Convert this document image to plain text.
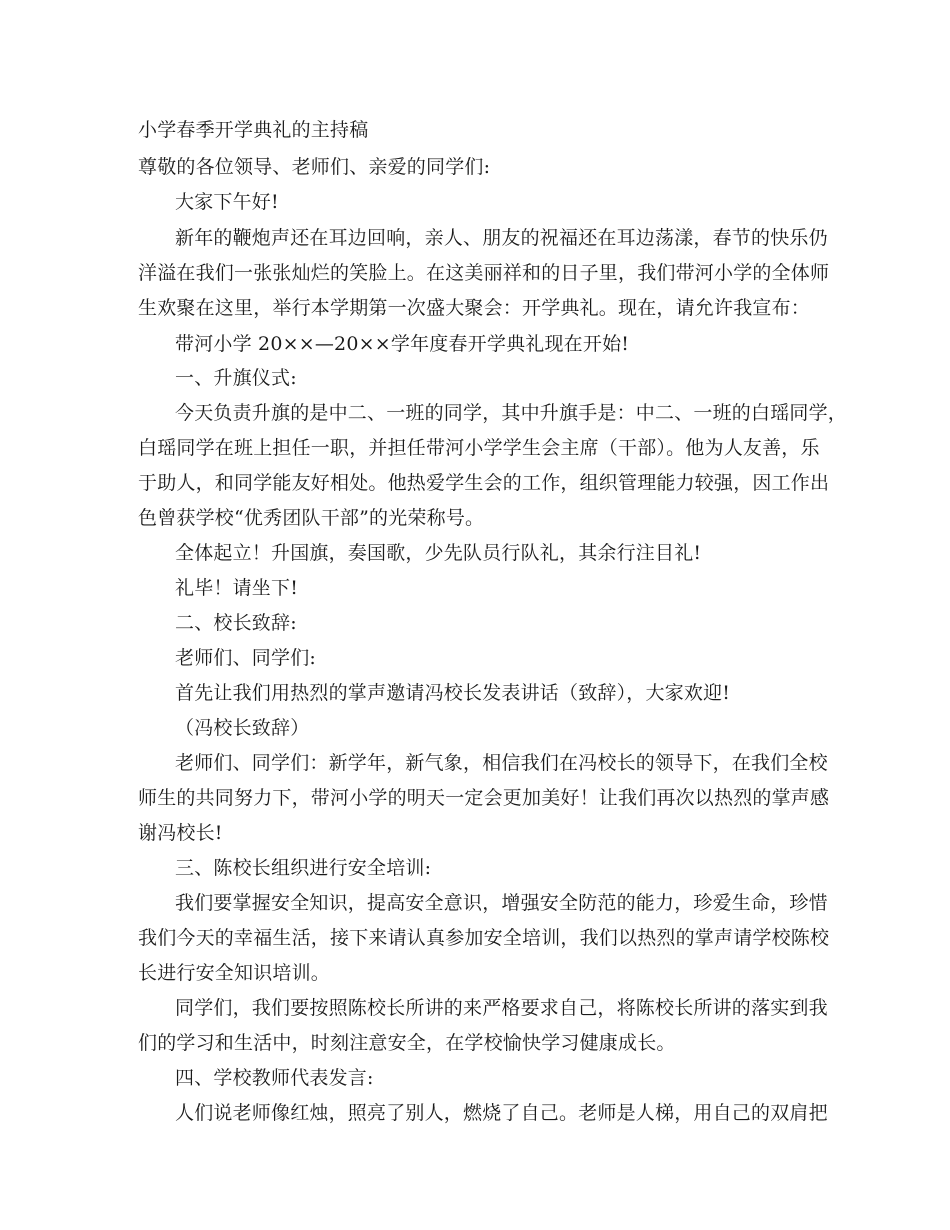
小学春季开学典礼的主持稿
尊敬的各位领导、老师们、亲爱的同学们:
大家下午好!
新年的鞭炮声还在耳边回响，亲人、朋友的祝福还在耳边荡漾，春节的快乐仍
洋溢在我们一张张灿烂的笑脸上。在这美丽祥和的日子里，我们带河小学的全体师
生欢聚在这里，举行本学期第一次盛大聚会：开学典礼。现在，请允许我宣布：
带河小学 20××—20××学年度春开学典礼现在开始!
一、升旗仪式:
今天负责升旗的是中二、一班的同学，其中升旗手是：中二、一班的白瑶同学，
白瑶同学在班上担任一职，并担任带河小学学生会主席（干部）。他为人友善，乐
于助人，和同学能友好相处。他热爱学生会的工作，组织管理能力较强，因工作出
色曾获学校“优秀团队干部”的光荣称号。
全体起立！升国旗，奏国歌，少先队员行队礼，其余行注目礼!
礼毕！请坐下!
二、校长致辞:
老师们、同学们:
首先让我们用热烈的掌声邀请冯校长发表讲话（致辞），大家欢迎!
（冯校长致辞）
老师们、同学们：新学年，新气象，相信我们在冯校长的领导下，在我们全校
师生的共同努力下，带河小学的明天一定会更加美好！让我们再次以热烈的掌声感
谢冯校长!
三、陈校长组织进行安全培训:
我们要掌握安全知识，提高安全意识，增强安全防范的能力，珍爱生命，珍惜
我们今天的幸福生活，接下来请认真参加安全培训，我们以热烈的掌声请学校陈校
长进行安全知识培训。
同学们，我们要按照陈校长所讲的来严格要求自己，将陈校长所讲的落实到我
们的学习和生活中，时刻注意安全，在学校愉快学习健康成长。
四、学校教师代表发言:
人们说老师像红烛，照亮了别人，燃烧了自己。老师是人梯，用自己的双肩把
